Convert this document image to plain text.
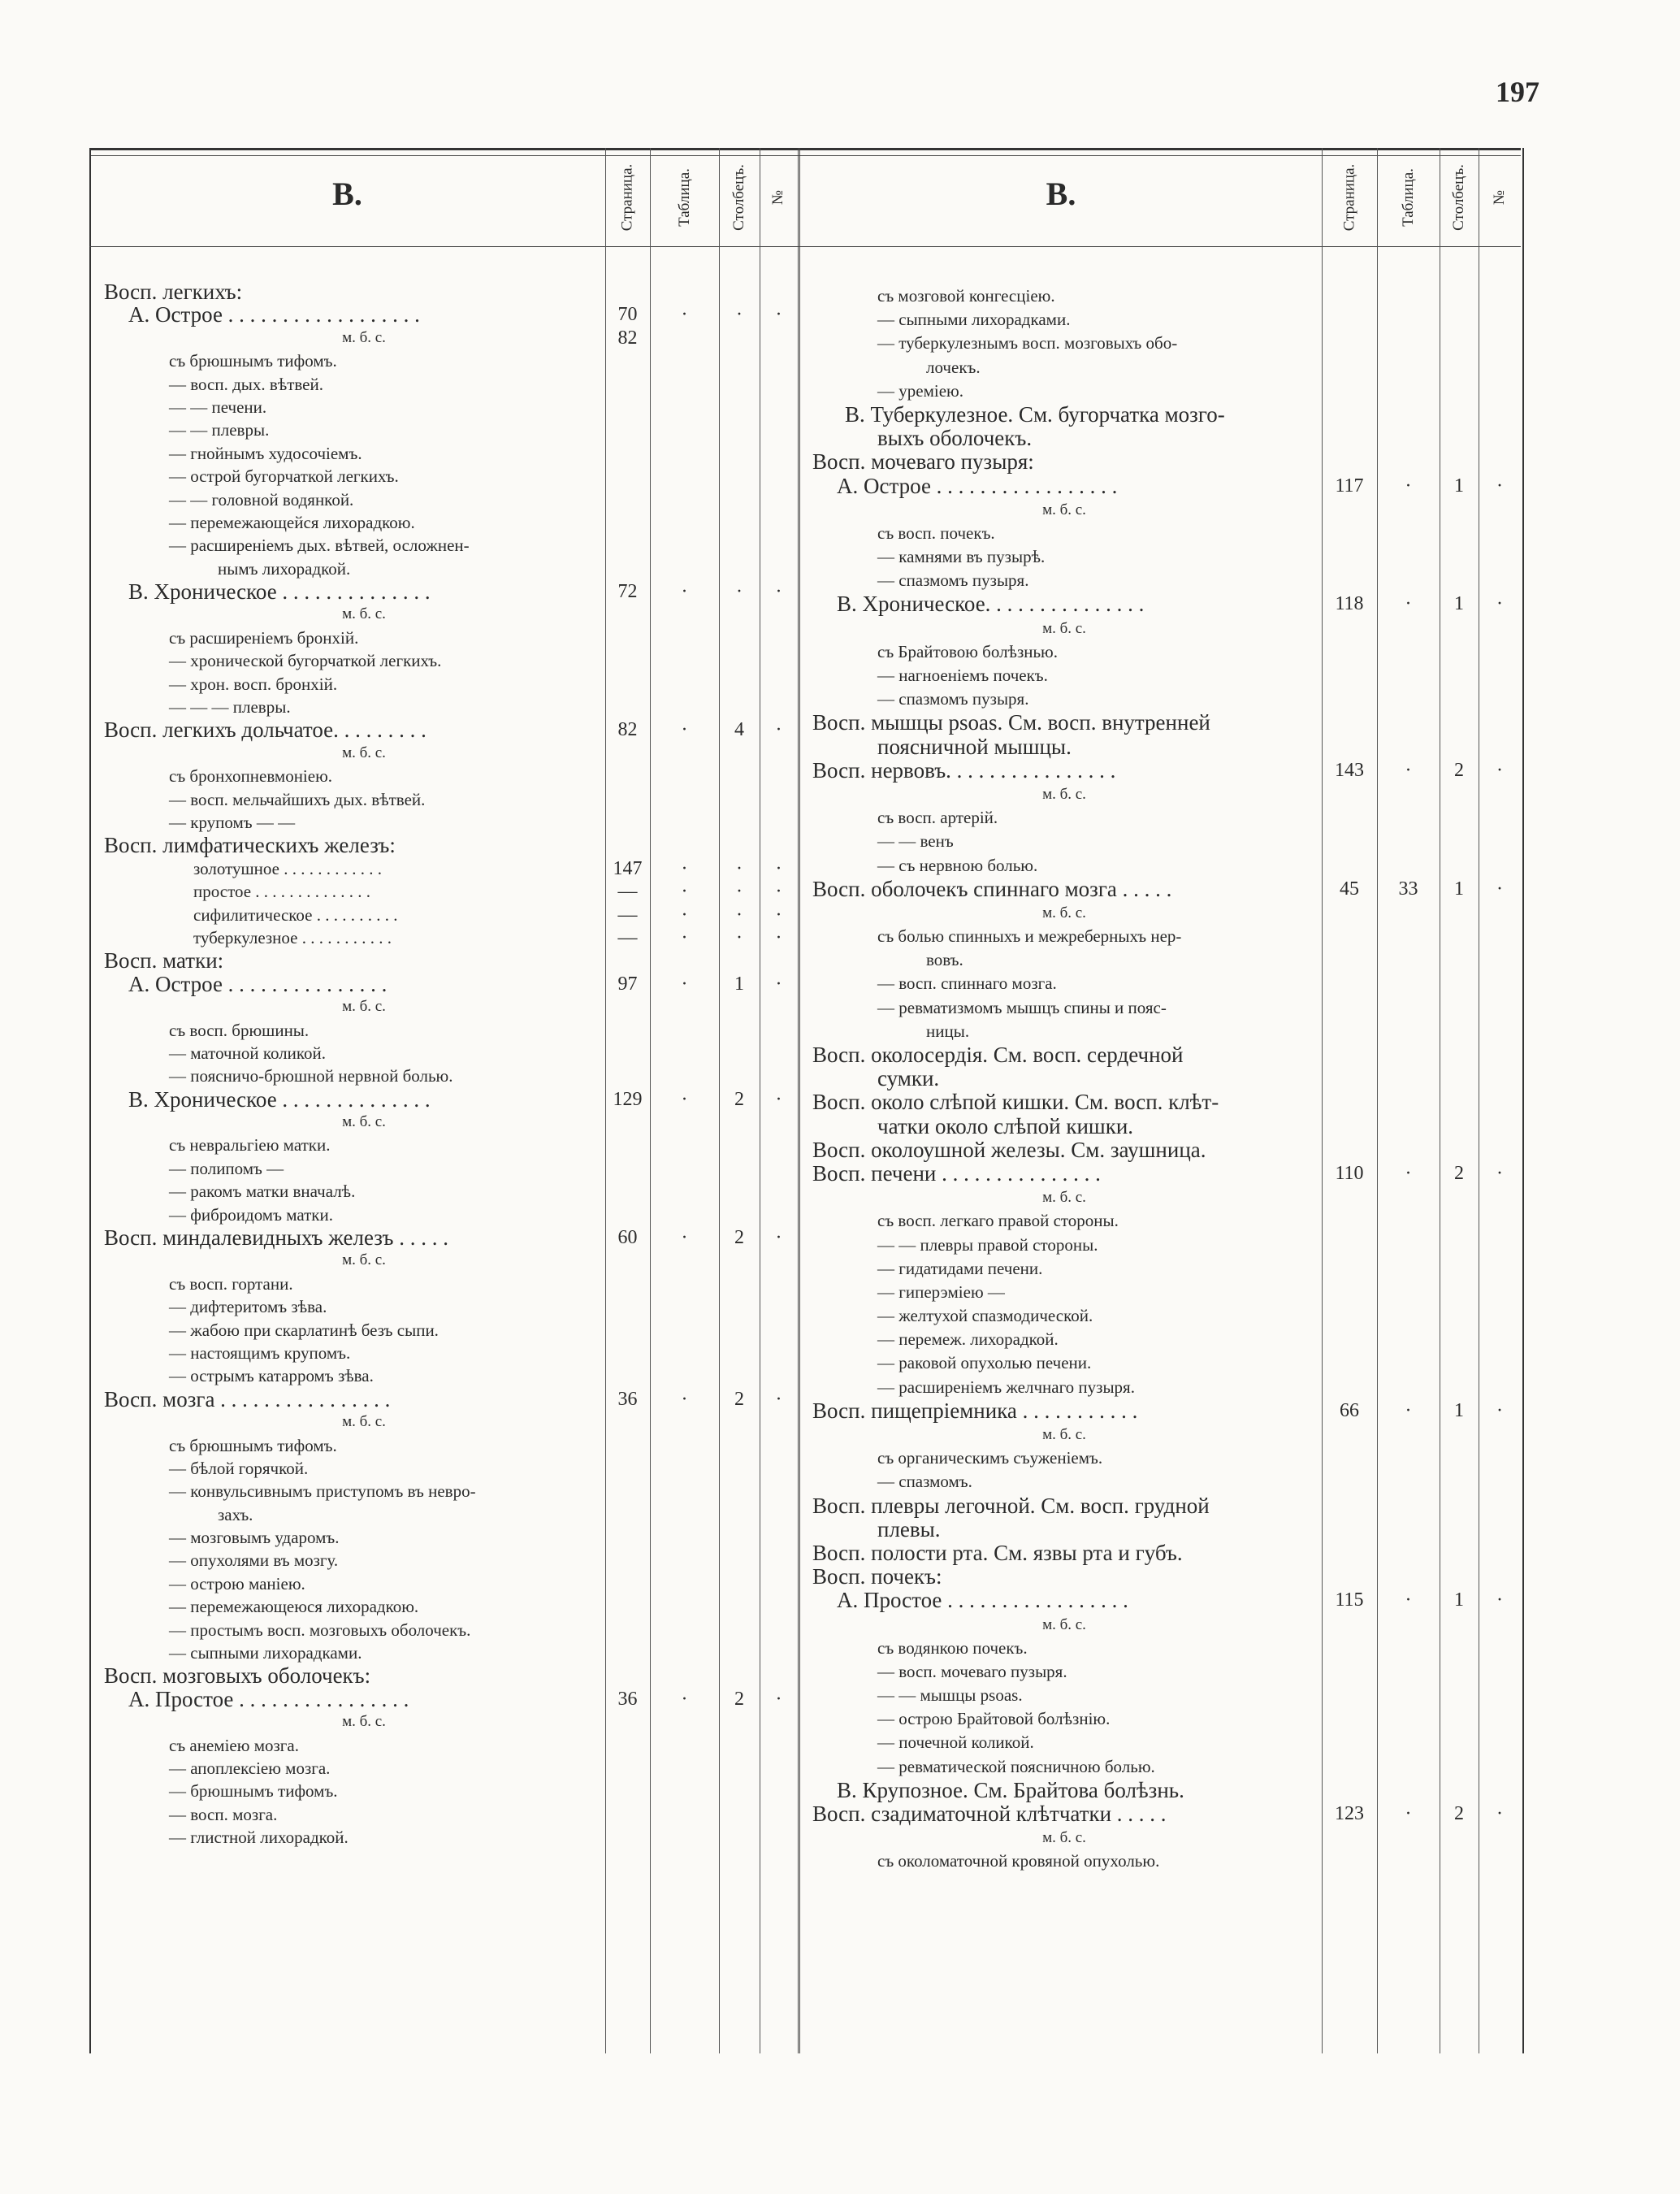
197
B.	B.
Страница.	Таблица. Столбецъ. №	Страница.	Таблица. Столбецъ. №
Восп. легкихъ:
А. Острое . . . . . . . . . . . . . . . . . .	70	·	·	·
м. б. с.	82
съ брюшнымъ тифомъ.
— восп. дых. вѣтвей.
— — печени.
— — плевры.
— гнойнымъ худосочіемъ.
— острой бугорчаткой легкихъ.
— — головной водянкой.
— перемежающейся лихорадкою.
— расширеніемъ дых. вѣтвей, осложнен-
нымъ лихорадкой.
B. Хроническое . . . . . . . . . . . . . .	72	·	·	·
м. б. с.
съ расширеніемъ бронхій.
— хронической бугорчаткой легкихъ.
— хрон. восп. бронхій.
— — — плевры.
Восп. легкихъ дольчатое. . . . . . . . .	82	·	4	·
м. б. с.
съ бронхопневмоніею.
— восп. мельчайшихъ дых. вѣтвей.
— крупомъ — —
Восп. лимфатическихъ железъ:
золотушное . . . . . . . . . . . .	147	·	·	·
простое . . . . . . . . . . . . . .	—	·	·	·
сифилитическое . . . . . . . . . .	—	·	·	·
туберкулезное . . . . . . . . . . .	—	·	·	·
Восп. матки:
А. Острое . . . . . . . . . . . . . . .	97	·	1	·
м. б. с.
съ восп. брюшины.
— маточной коликой.
— поясничо-брюшной нервной болью.
B. Хроническое . . . . . . . . . . . . . .	129	·	2	·
м. б. с.
съ невральгіею матки.
— полипомъ —
— ракомъ матки вначалѣ.
— фиброидомъ матки.
Восп. миндалевидныхъ железъ . . . . .	60	·	2	·
м. б. с.
съ восп. гортани.
— дифтеритомъ зѣва.
— жабою при скарлатинѣ безъ сыпи.
— настоящимъ крупомъ.
— острымъ катарромъ зѣва.
Восп. мозга . . . . . . . . . . . . . . . .	36	·	2	·
м. б. с.
съ брюшнымъ тифомъ.
— бѣлой горячкой.
— конвульсивнымъ приступомъ въ невро-
захъ.
— мозговымъ ударомъ.
— опухолями въ мозгу.
— острою маніею.
— перемежающеюся лихорадкою.
— простымъ восп. мозговыхъ оболочекъ.
— сыпными лихорадками.
Восп. мозговыхъ оболочекъ:
А. Простое . . . . . . . . . . . . . . . .	36	·	2	·
м. б. с.
съ анеміею мозга.
— апоплексіею мозга.
— брюшнымъ тифомъ.
— восп. мозга.
— глистной лихорадкой.
съ мозговой конгесціею.
— сыпными лихорадками.
— туберкулезнымъ восп. мозговыхъ обо-
лочекъ.
— уреміею.
В. Туберкулезное. См. бугорчатка мозго-
выхъ оболочекъ.
Восп. мочеваго пузыря:
А. Острое . . . . . . . . . . . . . . . . .	117	·	1	·
м. б. с.
съ восп. почекъ.
— камнями въ пузырѣ.
— спазмомъ пузыря.
B. Хроническое. . . . . . . . . . . . . . .	118	·	1	·
м. б. с.
съ Брайтовою болѣзнью.
— нагноеніемъ почекъ.
— спазмомъ пузыря.
Восп. мышцы psoas. См. восп. внутренней
поясничной мышцы.
Восп. нервовъ. . . . . . . . . . . . . . . .	143	·	2	·
м. б. с.
съ восп. артерій.
— — венъ
— съ нервною болью.
Восп. оболочекъ спиннаго мозга . . . . .	45	33	1	·
м. б. с.
съ болью спинныхъ и межреберныхъ нер-
вовъ.
— восп. спиннаго мозга.
— ревматизмомъ мышцъ спины и пояс-
ницы.
Восп. околосердія. См. восп. сердечной
сумки.
Восп. около слѣпой кишки. См. восп. клѣт-
чатки около слѣпой кишки.
Восп. околоушной железы. См. заушница.
Восп. печени . . . . . . . . . . . . . . .	110	·	2	·
м. б. с.
съ восп. легкаго правой стороны.
— — плевры правой стороны.
— гидатидами печени.
— гиперэміею —
— желтухой спазмодической.
— перемеж. лихорадкой.
— раковой опухолью печени.
— расширеніемъ желчнаго пузыря.
Восп. пищепріемника . . . . . . . . . . .	66	·	1	·
м. б. с.
съ органическимъ съуженіемъ.
— спазмомъ.
Восп. плевры легочной. См. восп. грудной
плевы.
Восп. полости рта. См. язвы рта и губъ.
Восп. почекъ:
А. Простое . . . . . . . . . . . . . . . . .	115	·	1	·
м. б. с.
съ водянкою почекъ.
— восп. мочеваго пузыря.
— — мышцы psoas.
— острою Брайтовой болѣзнію.
— почечной коликой.
— ревматической поясничною болью.
В. Крупозное. См. Брайтова болѣзнь.
Восп. сзадиматочной клѣтчатки . . . . .	123	·	2	·
м. б. с.
съ околоматочной кровяной опухолью.
